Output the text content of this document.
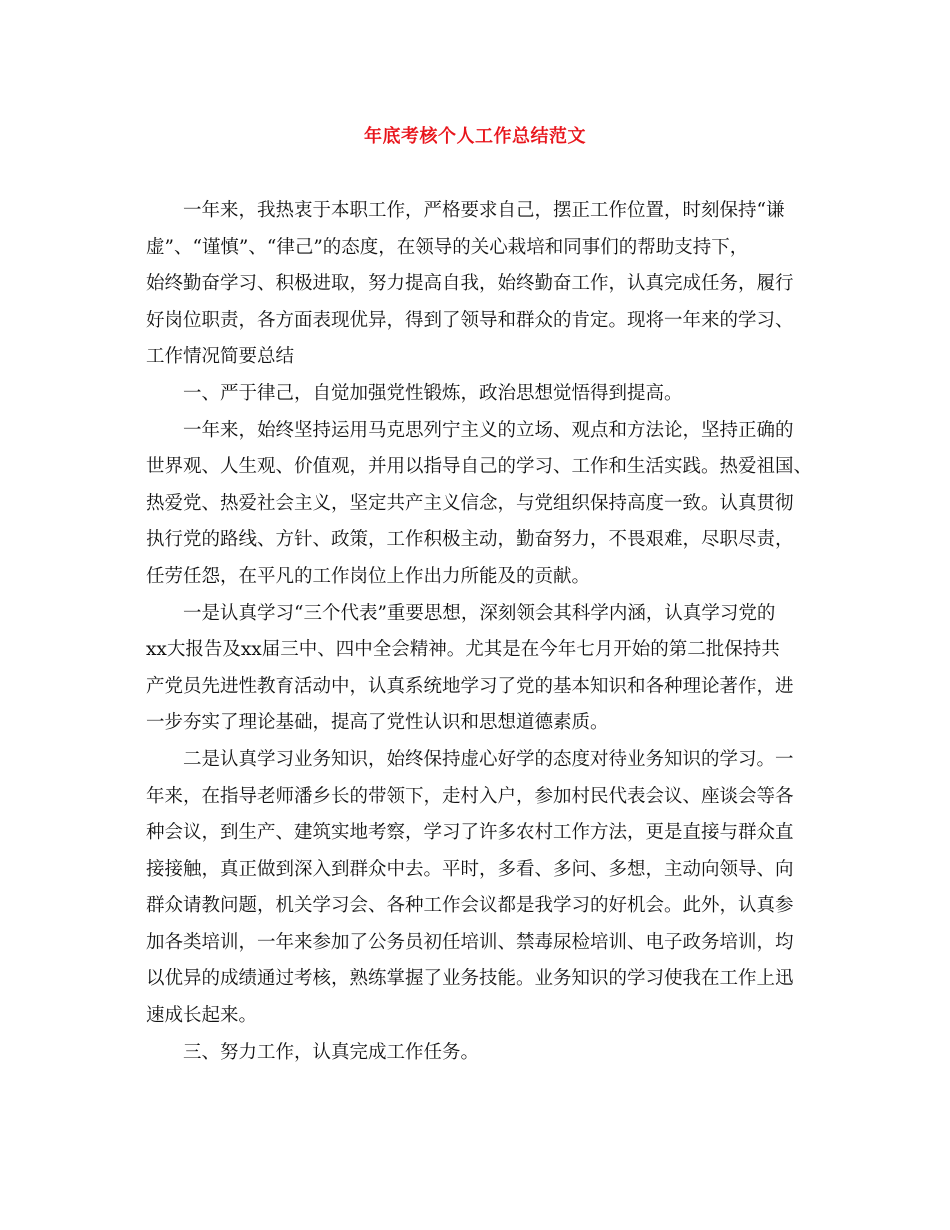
年底考核个人工作总结范文
一年来，我热衷于本职工作，严格要求自己，摆正工作位置，时刻保持“谦
虚”、“谨慎”、“律己”的态度，在领导的关心栽培和同事们的帮助支持下，
始终勤奋学习、积极进取，努力提高自我，始终勤奋工作，认真完成任务，履行
好岗位职责，各方面表现优异，得到了领导和群众的肯定。现将一年来的学习、
工作情况简要总结
一、严于律己，自觉加强党性锻炼，政治思想觉悟得到提高。
一年来，始终坚持运用马克思列宁主义的立场、观点和方法论，坚持正确的
世界观、人生观、价值观，并用以指导自己的学习、工作和生活实践。热爱祖国、
热爱党、热爱社会主义，坚定共产主义信念，与党组织保持高度一致。认真贯彻
执行党的路线、方针、政策，工作积极主动，勤奋努力，不畏艰难，尽职尽责，
任劳任怨，在平凡的工作岗位上作出力所能及的贡献。
一是认真学习“三个代表”重要思想，深刻领会其科学内涵，认真学习党的
xx大报告及xx届三中、四中全会精神。尤其是在今年七月开始的第二批保持共
产党员先进性教育活动中，认真系统地学习了党的基本知识和各种理论著作，进
一步夯实了理论基础，提高了党性认识和思想道德素质。
二是认真学习业务知识，始终保持虚心好学的态度对待业务知识的学习。一
年来，在指导老师潘乡长的带领下，走村入户，参加村民代表会议、座谈会等各
种会议，到生产、建筑实地考察，学习了许多农村工作方法，更是直接与群众直
接接触，真正做到深入到群众中去。平时，多看、多问、多想，主动向领导、向
群众请教问题，机关学习会、各种工作会议都是我学习的好机会。此外，认真参
加各类培训，一年来参加了公务员初任培训、禁毒尿检培训、电子政务培训，均
以优异的成绩通过考核，熟练掌握了业务技能。业务知识的学习使我在工作上迅
速成长起来。
三、努力工作，认真完成工作任务。
